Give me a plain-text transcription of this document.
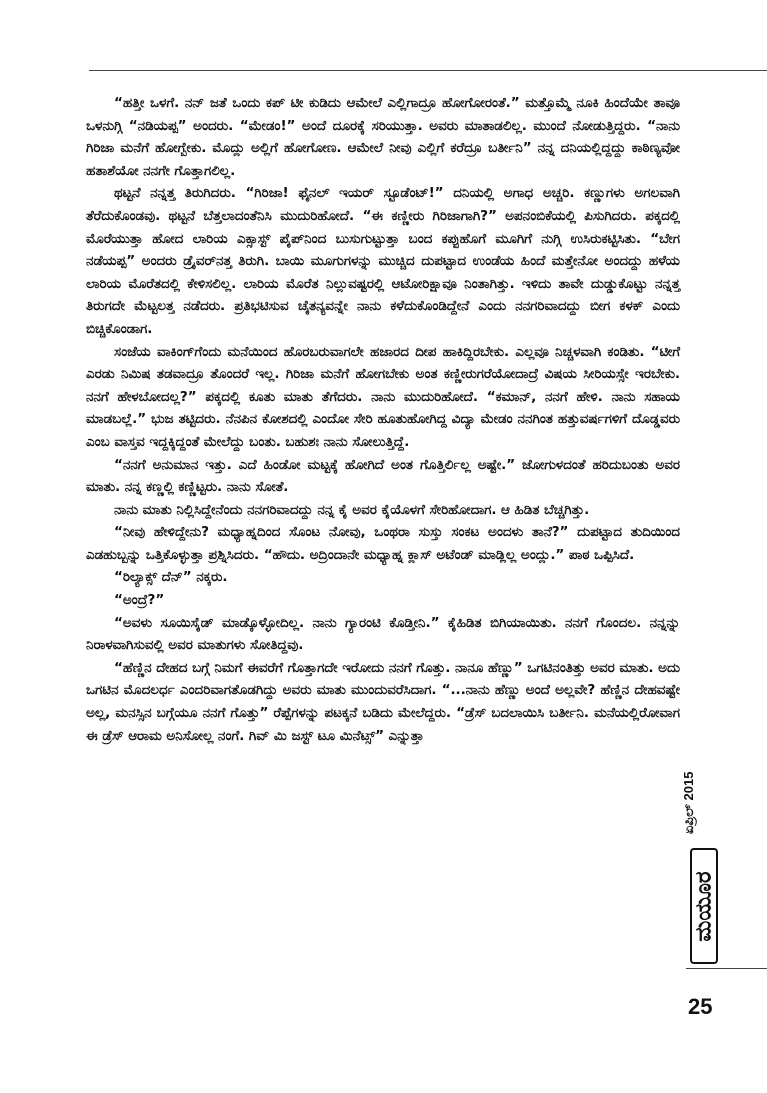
“ಹತ್ತೀ ಒಳಗೆ. ನನ್ ಜತೆ ಒಂದು ಕಪ್ ಟೀ ಕುಡಿದು ಆಮೇಲೆ ಎಲ್ಲಿಗಾದ್ರೂ ಹೋಗೋರಂತೆ.” ಮತ್ತೊಮ್ಮೆ ನೂಕಿ ಹಿಂದೆಯೇ ತಾವೂ ಒಳನುಗ್ಗಿ “ನಡಿಯಪ್ಪ” ಅಂದರು. “ಮೇಡಂ!” ಅಂದೆ ದೂರಕ್ಕೆ ಸರಿಯುತ್ತಾ. ಅವರು ಮಾತಾಡಲಿಲ್ಲ. ಮುಂದೆ ನೋಡುತ್ತಿದ್ದರು. “ನಾನು ಗಿರಿಜಾ ಮನೆಗೆ ಹೋಗ್ಬೇಕು. ಮೊದ್ಲು ಅಲ್ಲಿಗೆ ಹೋಗೋಣ. ಆಮೇಲೆ ನೀವು ಎಲ್ಲಿಗೆ ಕರೆದ್ರೂ ಬರ್ತೀನಿ” ನನ್ನ ದನಿಯಲ್ಲಿದ್ದದ್ದು ಕಾಠಿಣ್ಯವೋ ಹತಾಶೆಯೋ ನನಗೇ ಗೊತ್ತಾಗಲಿಲ್ಲ.

ಥಟ್ಟನೆ ನನ್ನತ್ತ ತಿರುಗಿದರು. “ಗಿರಿಜಾ! ಫೈನಲ್ ಇಯರ್ ಸ್ಟೂಡೆಂಟ್!” ದನಿಯಲ್ಲಿ ಅಗಾಧ ಅಚ್ಚರಿ. ಕಣ್ಣುಗಳು ಅಗಲವಾಗಿ ತೆರೆದುಕೊಂಡವು. ಥಟ್ಟನೆ ಬೆತ್ತಲಾದಂತೆನಿಸಿ ಮುದುರಿಹೋದೆ. “ಈ ಕಣ್ಣೀರು ಗಿರಿಜಾಗಾಗಿ?” ಅಪನಂಬಿಕೆಯಲ್ಲಿ ಪಿಸುಗಿದರು. ಪಕ್ಕದಲ್ಲಿ ಮೊರೆಯುತ್ತಾ ಹೋದ ಲಾರಿಯ ಎಕ್ಸಾಸ್ಟ್ ಪೈಪ್‌ನಿಂದ ಬುಸುಗುಟ್ಟುತ್ತಾ ಬಂದ ಕಪ್ಪುಹೊಗೆ ಮೂಗಿಗೆ ನುಗ್ಗಿ ಉಸಿರುಕಟ್ಟಿಸಿತು. “ಬೇಗ ನಡೆಯಪ್ಪ” ಅಂದರು ಡ್ರೈವರ್‌ನತ್ತ ತಿರುಗಿ. ಬಾಯಿ ಮೂಗುಗಳನ್ನು ಮುಚ್ಚಿದ ದುಪಟ್ಟಾದ ಉಂಡೆಯ ಹಿಂದೆ ಮತ್ತೇನೋ ಅಂದದ್ದು ಹಳೆಯ ಲಾರಿಯ ಮೊರೆತದಲ್ಲಿ ಕೇಳಿಸಲಿಲ್ಲ. ಲಾರಿಯ ಮೊರೆತ ನಿಲ್ಲುವಷ್ಟರಲ್ಲಿ ಆಟೋರಿಕ್ಷಾವೂ ನಿಂತಾಗಿತ್ತು. ಇಳಿದು ತಾವೇ ದುಡ್ಡುಕೊಟ್ಟು ನನ್ನತ್ತ ತಿರುಗದೇ ಮೆಟ್ಟಲತ್ತ ನಡೆದರು. ಪ್ರತಿಭಟಿಸುವ ಚೈತನ್ಯವನ್ನೇ ನಾನು ಕಳೆದುಕೊಂಡಿದ್ದೇನೆ ಎಂದು ನನಗರಿವಾದದ್ದು ಬೀಗ ಕಳಕ್ ಎಂದು ಬಿಚ್ಚಿಕೊಂಡಾಗ.

ಸಂಜೆಯ ವಾಕಿಂಗ್‌ಗೆಂದು ಮನೆಯಿಂದ ಹೊರಬರುವಾಗಲೇ ಹಜಾರದ ದೀಪ ಹಾಕಿದ್ದಿರಬೇಕು. ಎಲ್ಲವೂ ನಿಚ್ಚಳವಾಗಿ ಕಂಡಿತು. “ಟೀಗೆ ಎರಡು ನಿಮಿಷ ತಡವಾದ್ರೂ ತೊಂದರೆ ಇಲ್ಲ. ಗಿರಿಜಾ ಮನೆಗೆ ಹೋಗಬೇಕು ಅಂತ ಕಣ್ಣೀರುಗರೆಯೋದಾದ್ರೆ ವಿಷಯ ಸೀರಿಯಸ್ಸೇ ಇರಬೇಕು. ನನಗೆ ಹೇಳಬೋದಲ್ಲ?” ಪಕ್ಕದಲ್ಲಿ ಕೂತು ಮಾತು ತೆಗೆದರು. ನಾನು ಮುದುರಿಹೋದೆ. “ಕಮಾನ್, ನನಗೆ ಹೇಳಿ. ನಾನು ಸಹಾಯ ಮಾಡಬಲ್ಲೆ.” ಭುಜ ತಟ್ಟಿದರು. ನೆನಪಿನ ಕೋಶದಲ್ಲಿ ಎಂದೋ ಸೇರಿ ಹೂತುಹೋಗಿದ್ದ ವಿದ್ಯಾ ಮೇಡಂ ನನಗಿಂತ ಹತ್ತುವರ್ಷಗಳಿಗೆ ದೊಡ್ಡವರು ಎಂಬ ವಾಸ್ತವ ಇದ್ದಕ್ಕಿದ್ದಂತೆ ಮೇಲೆದ್ದು ಬಂತು. ಬಹುಶಃ ನಾನು ಸೋಲುತ್ತಿದ್ದೆ.

“ನನಗೆ ಅನುಮಾನ ಇತ್ತು. ಎದೆ ಹಿಂಡೋ ಮಟ್ಟಕ್ಕೆ ಹೋಗಿದೆ ಅಂತ ಗೊತ್ತಿರ್ಲಿಲ್ಲ ಅಷ್ಟೇ.” ಜೋಗುಳದಂತೆ ಹರಿದುಬಂತು ಅವರ ಮಾತು. ನನ್ನ ಕಣ್ಣಲ್ಲಿ ಕಣ್ಣಿಟ್ಟರು. ನಾನು ಸೋತೆ.

ನಾನು ಮಾತು ನಿಲ್ಲಿಸಿದ್ದೇನೆಂದು ನನಗರಿವಾದದ್ದು ನನ್ನ ಕೈ ಅವರ ಕೈಯೊಳಗೆ ಸೇರಿಹೋದಾಗ. ಆ ಹಿಡಿತ ಬೆಚ್ಚಗಿತ್ತು.

“ನೀವು ಹೇಳಿದ್ದೇನು? ಮಧ್ಯಾಹ್ನದಿಂದ ಸೊಂಟ ನೋವು, ಒಂಥರಾ ಸುಸ್ತು ಸಂಕಟ ಅಂದಳು ತಾನೆ?” ದುಪಟ್ಟಾದ ತುದಿಯಿಂದ ಎಡಹುಬ್ಬನ್ನು ಒತ್ತಿಕೊಳ್ಳುತ್ತಾ ಪ್ರಶ್ನಿಸಿದರು. “ಹೌದು. ಅದ್ರಿಂದಾನೇ ಮಧ್ಯಾಹ್ನ ಕ್ಲಾಸ್ ಅಟೆಂಡ್ ಮಾಡ್ಲಿಲ್ಲ ಅಂದ್ಲು.” ಪಾಠ ಒಪ್ಪಿಸಿದೆ.

“ರಿಲ್ಯಾಕ್ಸ್ ದೆನ್” ನಕ್ಕರು.

“ಅಂದ್ರೆ?”

“ಅವಳು ಸೂಯಿಸೈಡ್ ಮಾಡ್ಕೊಳ್ಳೋದಿಲ್ಲ. ನಾನು ಗ್ಯಾರಂಟಿ ಕೊಡ್ತೀನಿ.” ಕೈಹಿಡಿತ ಬಿಗಿಯಾಯಿತು. ನನಗೆ ಗೊಂದಲ. ನನ್ನನ್ನು ನಿರಾಳವಾಗಿಸುವಲ್ಲಿ ಅವರ ಮಾತುಗಳು ಸೋತಿದ್ದವು.

“ಹೆಣ್ಣಿನ ದೇಹದ ಬಗ್ಗೆ ನಿಮಗೆ ಈವರೆಗೆ ಗೊತ್ತಾಗದೇ ಇರೋದು ನನಗೆ ಗೊತ್ತು. ನಾನೂ ಹೆಣ್ಣು” ಒಗಟಿನಂತಿತ್ತು ಅವರ ಮಾತು. ಅದು ಒಗಟಿನ ಮೊದಲರ್ಧ ಎಂದರಿವಾಗತೊಡಗಿದ್ದು ಅವರು ಮಾತು ಮುಂದುವರೆಸಿದಾಗ. “...ನಾನು ಹೆಣ್ಣು ಅಂದೆ ಅಲ್ಲವೇ? ಹೆಣ್ಣಿನ ದೇಹವಷ್ಟೇ ಅಲ್ಲ, ಮನಸ್ಸಿನ ಬಗ್ಗೆಯೂ ನನಗೆ ಗೊತ್ತು” ರೆಪ್ಪೆಗಳನ್ನು ಪಟಕ್ಕನೆ ಬಡಿದು ಮೇಲೆದ್ದರು. “ಡ್ರೆಸ್ ಬದಲಾಯಿಸಿ ಬರ್ತೀನಿ. ಮನೆಯಲ್ಲಿರೋವಾಗ ಈ ಡ್ರೆಸ್ ಆರಾಮ ಅನಿಸೋಲ್ಲ ನಂಗೆ. ಗಿವ್ ಮಿ ಜಸ್ಟ್ ಟೂ ಮಿನೆಟ್ಸ್” ಎನ್ನುತ್ತಾ

ಏಪ್ರಿಲ್ 2015
ಮಯೂರ
25
